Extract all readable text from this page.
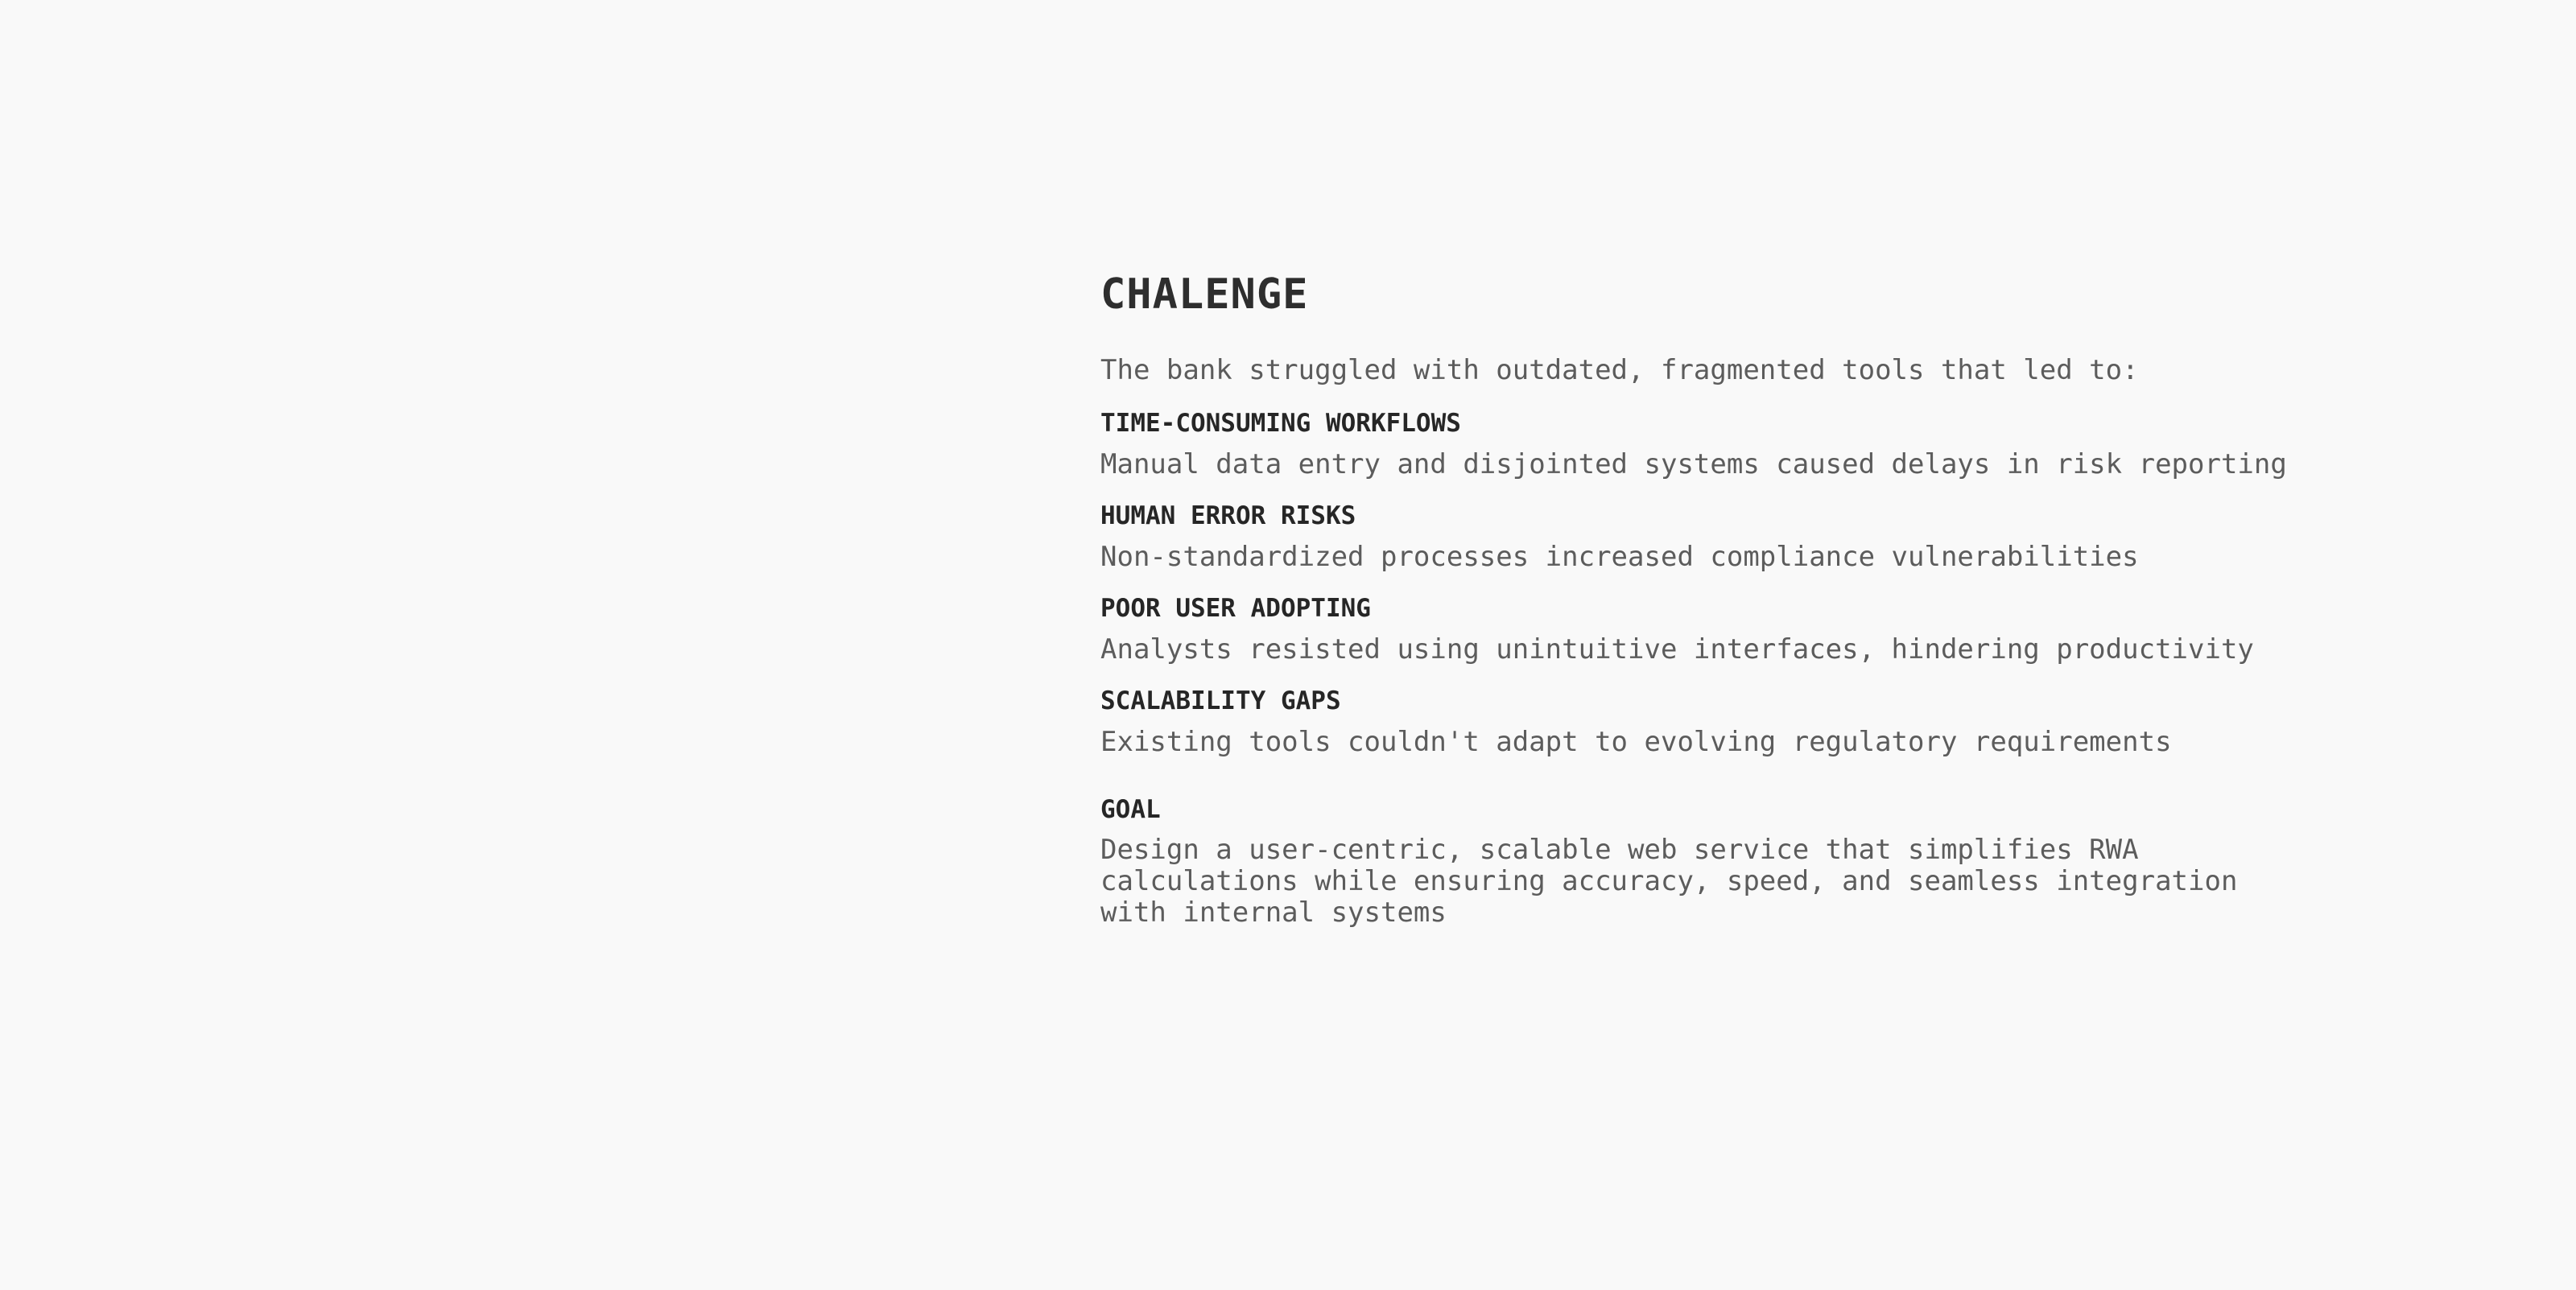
CHALENGE

The bank struggled with outdated, fragmented tools that led to:

TIME-CONSUMING WORKFLOWS

Manual data entry and disjointed systems caused delays in risk reporting

HUMAN ERROR RISKS

Non-standardized processes increased compliance vulnerabilities

POOR USER ADOPTING

Analysts resisted using unintuitive interfaces, hindering productivity

SCALABILITY GAPS

Existing tools couldn't adapt to evolving regulatory requirements

GOAL

Design a user-centric, scalable web service that simplifies RWA
calculations while ensuring accuracy, speed, and seamless integration
with internal systems
